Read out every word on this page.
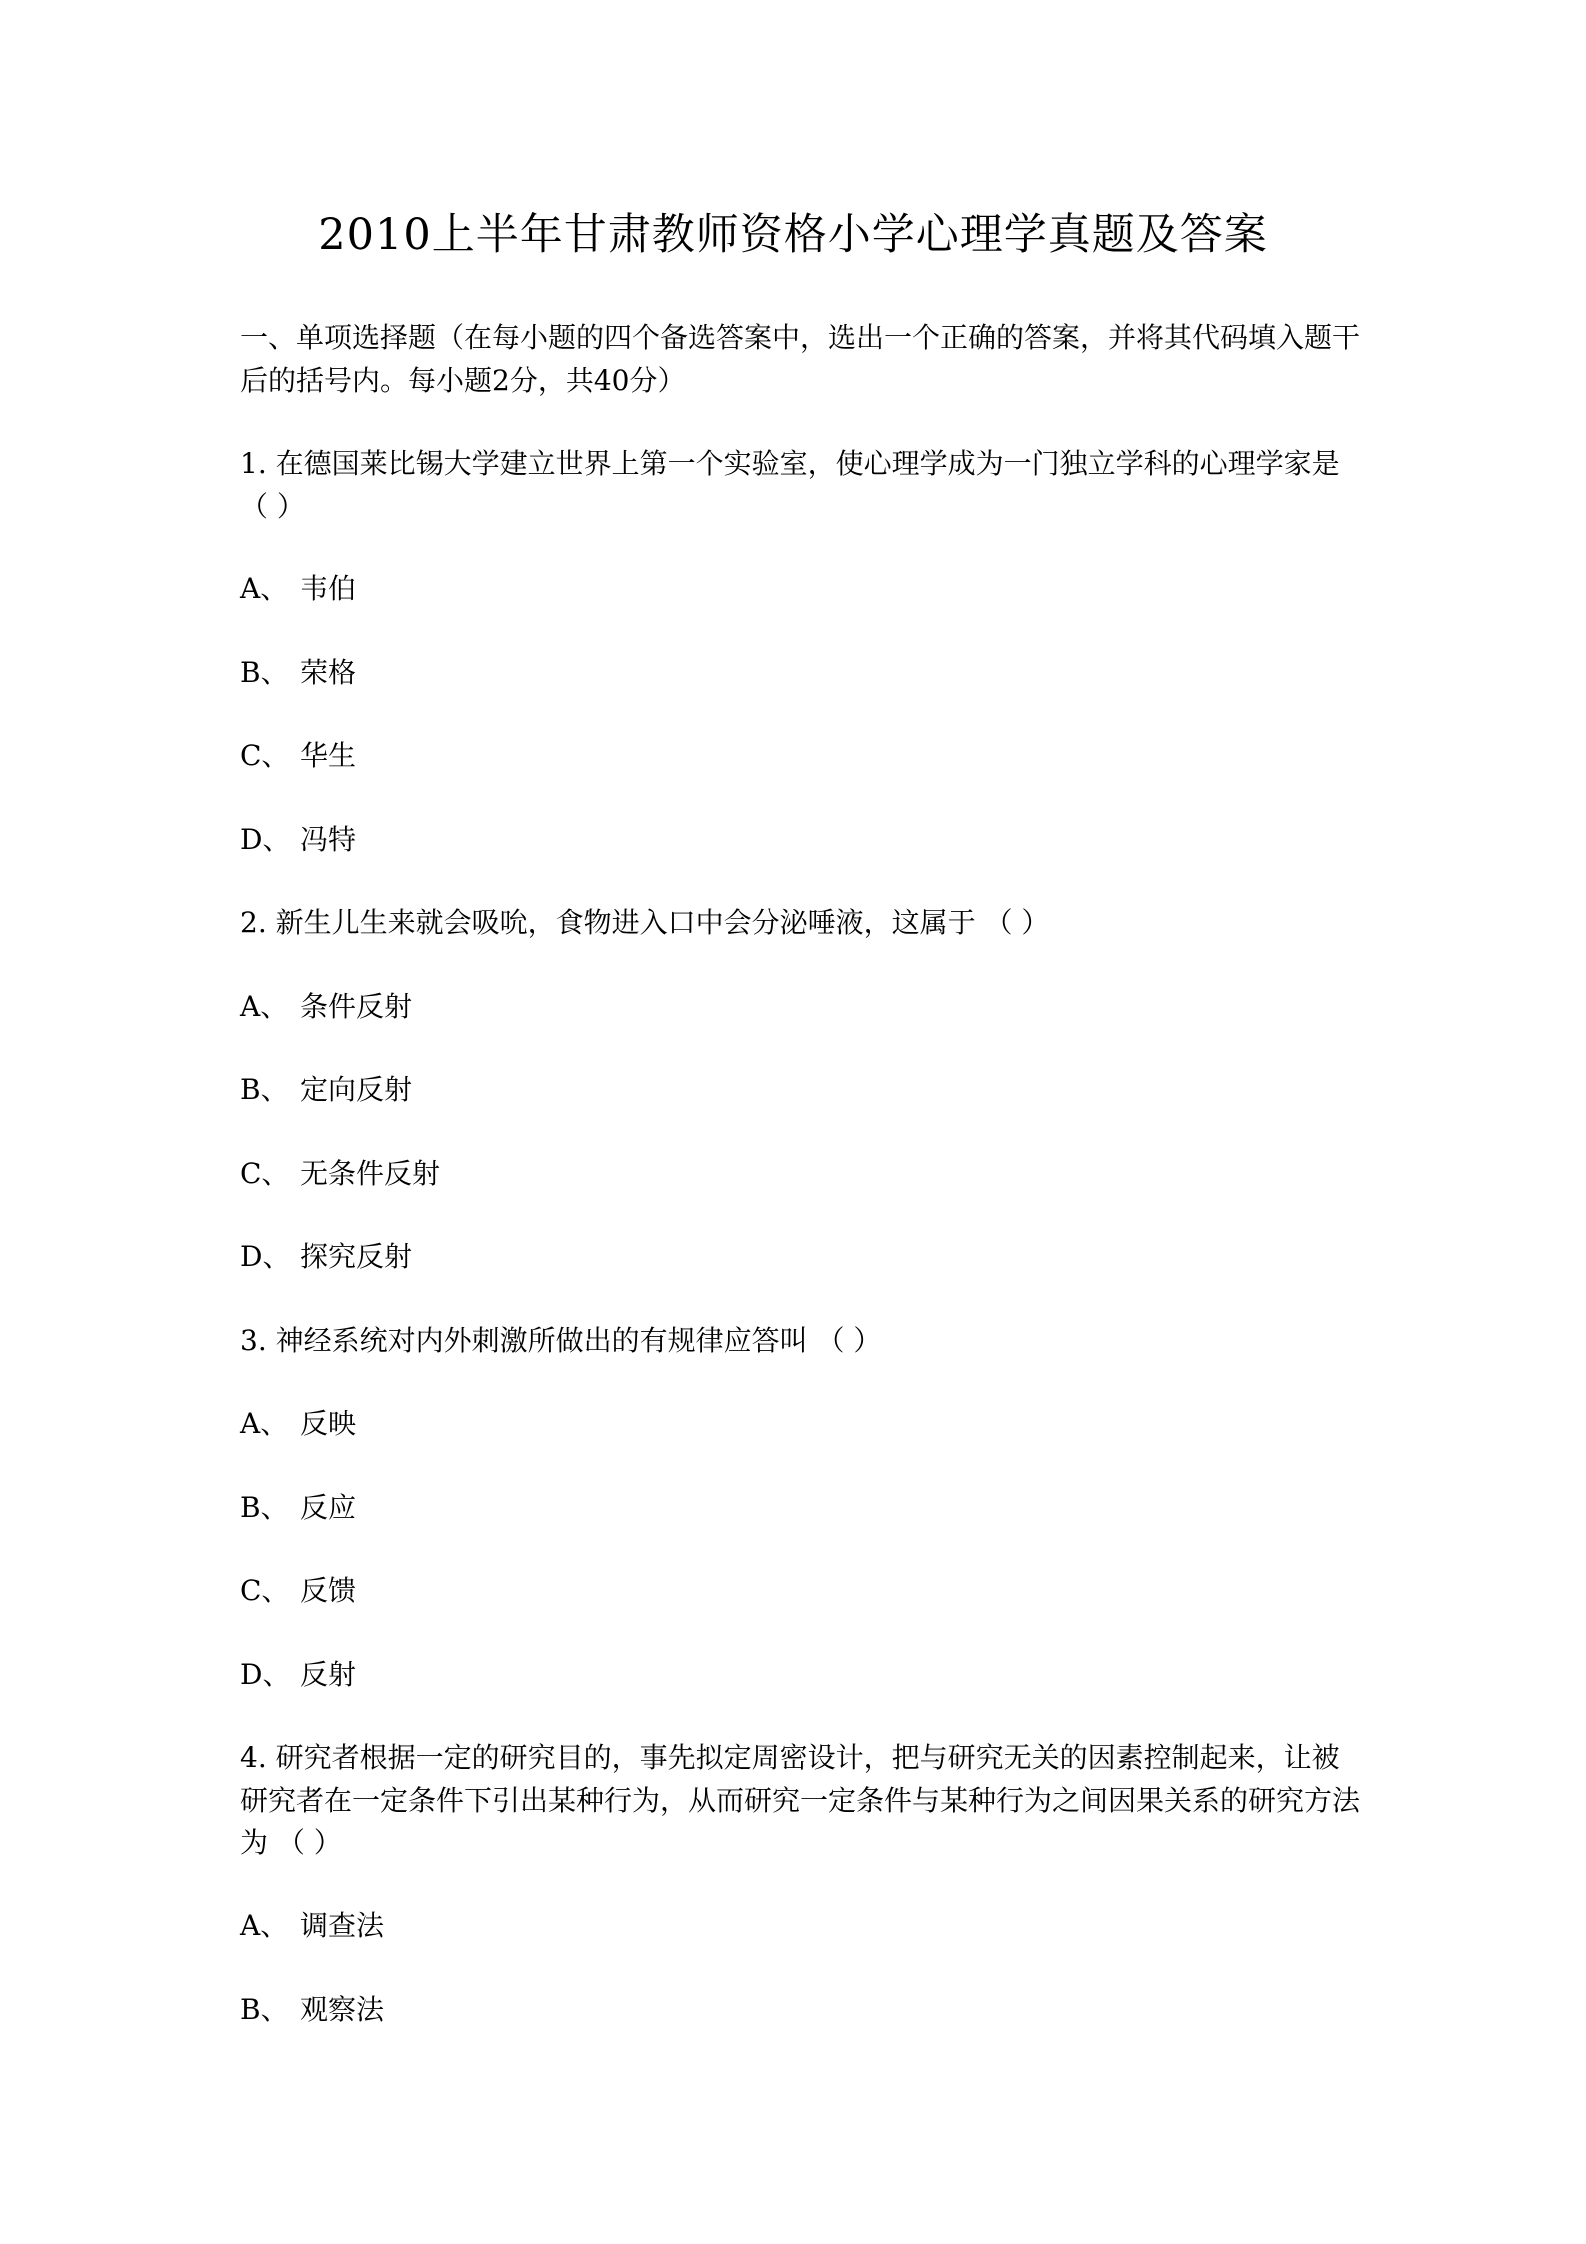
2010上半年甘肃教师资格小学心理学真题及答案
一、单项选择题（在每小题的四个备选答案中，选出一个正确的答案，并将其代码填入题干
后的括号内。每小题2分，共40分）
1. 在德国莱比锡大学建立世界上第一个实验室，使心理学成为一门独立学科的心理学家是
（ ）
A、 韦伯
B、 荣格
C、 华生
D、 冯特
2. 新生儿生来就会吸吮，食物进入口中会分泌唾液，这属于 （ ）
A、 条件反射
B、 定向反射
C、 无条件反射
D、 探究反射
3. 神经系统对内外刺激所做出的有规律应答叫 （ ）
A、 反映
B、 反应
C、 反馈
D、 反射
4. 研究者根据一定的研究目的，事先拟定周密设计，把与研究无关的因素控制起来，让被
研究者在一定条件下引出某种行为，从而研究一定条件与某种行为之间因果关系的研究方法
为 （ ）
A、 调查法
B、 观察法
